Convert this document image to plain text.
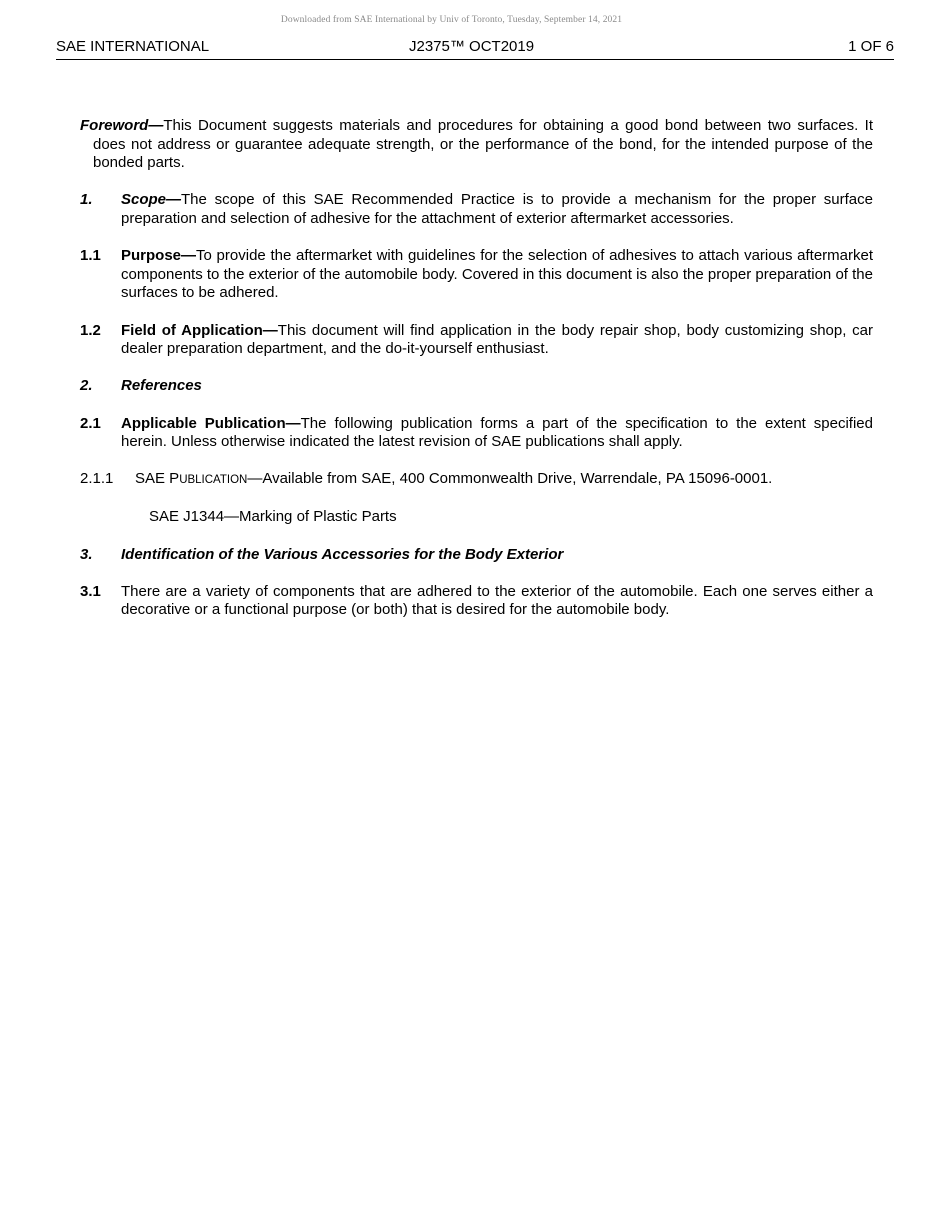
Downloaded from SAE International by Univ of Toronto, Tuesday, September 14, 2021
SAE INTERNATIONAL	J2375™ OCT2019	1 OF 6

Foreword—This Document suggests materials and procedures for obtaining a good bond between two surfaces. It does not address or guarantee adequate strength, or the performance of the bond, for the intended purpose of the bonded parts.

1. Scope—The scope of this SAE Recommended Practice is to provide a mechanism for the proper surface preparation and selection of adhesive for the attachment of exterior aftermarket accessories.
1.1 Purpose—To provide the aftermarket with guidelines for the selection of adhesives to attach various aftermarket components to the exterior of the automobile body. Covered in this document is also the proper preparation of the surfaces to be adhered.
1.2 Field of Application—This document will find application in the body repair shop, body customizing shop, car dealer preparation department, and the do-it-yourself enthusiast.
2. References
2.1 Applicable Publication—The following publication forms a part of the specification to the extent specified herein. Unless otherwise indicated the latest revision of SAE publications shall apply.
2.1.1 SAE PUBLICATION—Available from SAE, 400 Commonwealth Drive, Warrendale, PA 15096-0001.
SAE J1344—Marking of Plastic Parts
3. Identification of the Various Accessories for the Body Exterior
3.1 There are a variety of components that are adhered to the exterior of the automobile. Each one serves either a decorative or a functional purpose (or both) that is desired for the automobile body.
